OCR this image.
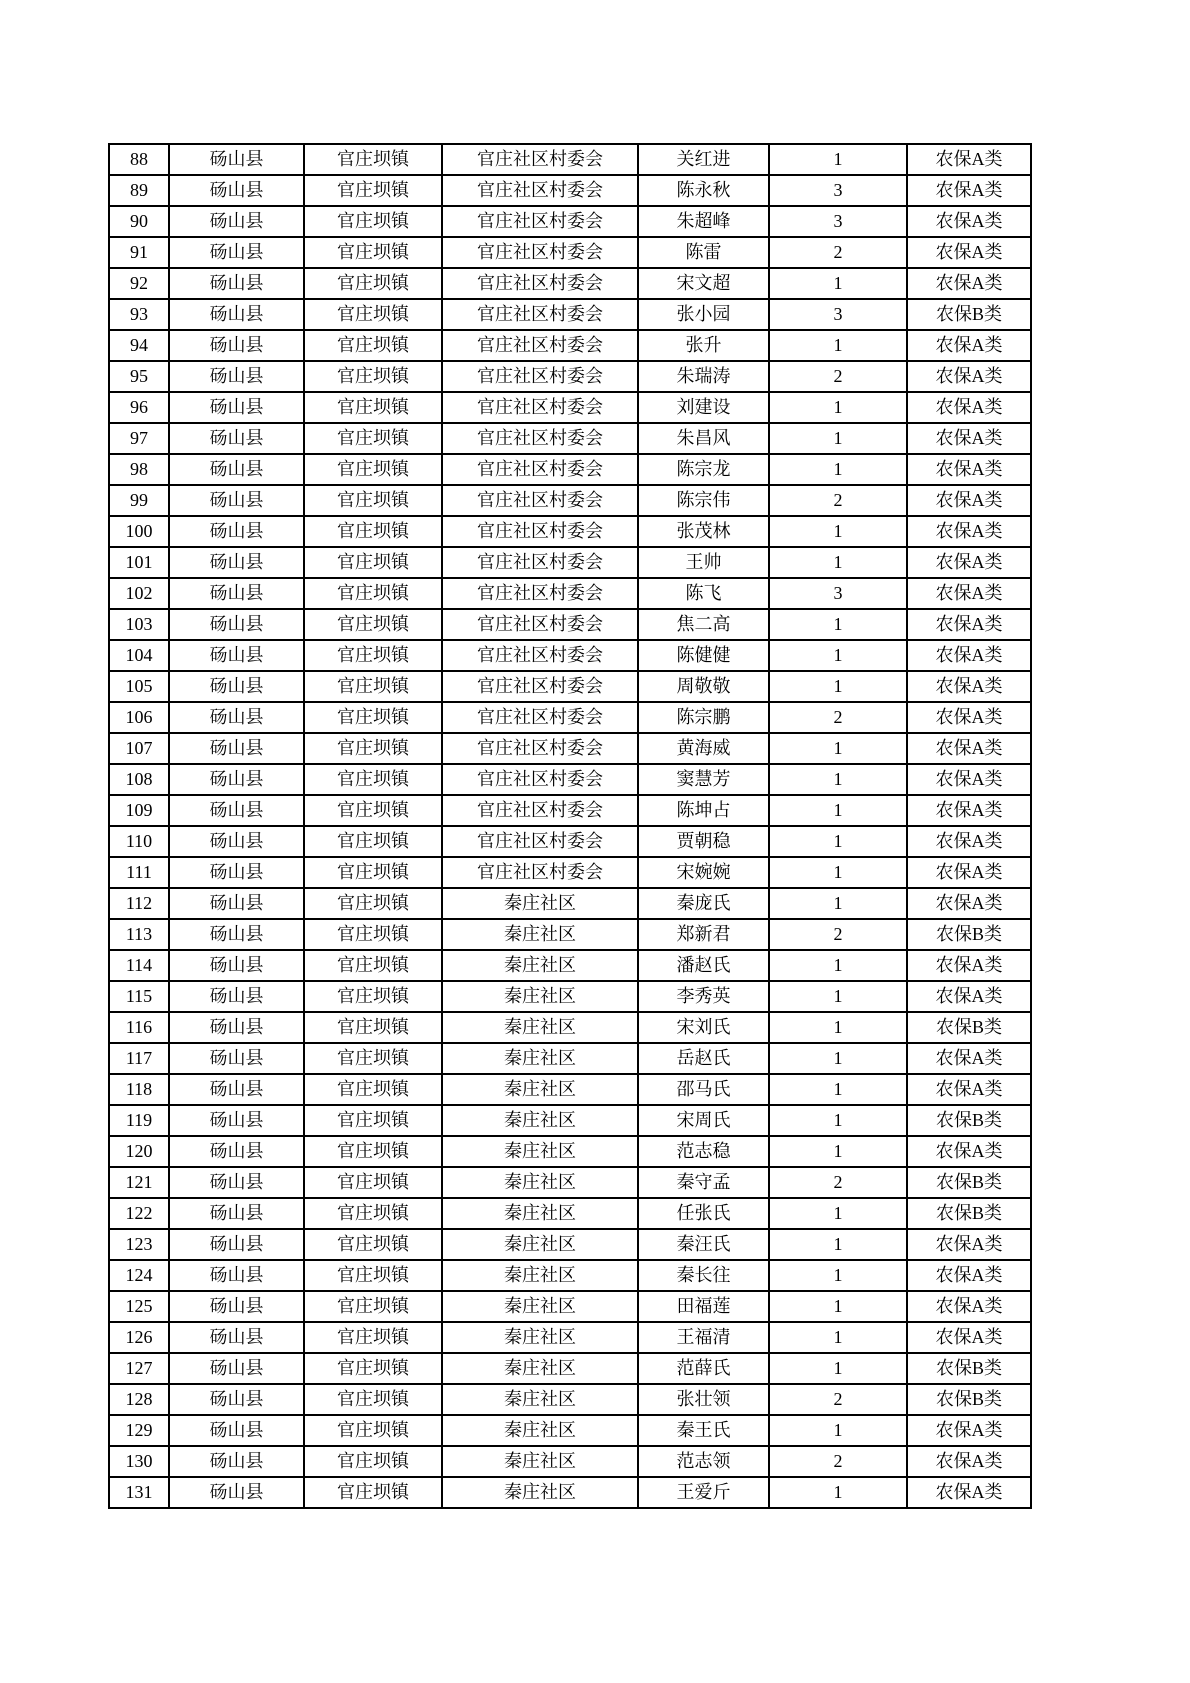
88	砀山县	官庄坝镇	官庄社区村委会	关红进	1	农保A类
89	砀山县	官庄坝镇	官庄社区村委会	陈永秋	3	农保A类
90	砀山县	官庄坝镇	官庄社区村委会	朱超峰	3	农保A类
91	砀山县	官庄坝镇	官庄社区村委会	陈雷	2	农保A类
92	砀山县	官庄坝镇	官庄社区村委会	宋文超	1	农保A类
93	砀山县	官庄坝镇	官庄社区村委会	张小园	3	农保B类
94	砀山县	官庄坝镇	官庄社区村委会	张升	1	农保A类
95	砀山县	官庄坝镇	官庄社区村委会	朱瑞涛	2	农保A类
96	砀山县	官庄坝镇	官庄社区村委会	刘建设	1	农保A类
97	砀山县	官庄坝镇	官庄社区村委会	朱昌风	1	农保A类
98	砀山县	官庄坝镇	官庄社区村委会	陈宗龙	1	农保A类
99	砀山县	官庄坝镇	官庄社区村委会	陈宗伟	2	农保A类
100	砀山县	官庄坝镇	官庄社区村委会	张茂林	1	农保A类
101	砀山县	官庄坝镇	官庄社区村委会	王帅	1	农保A类
102	砀山县	官庄坝镇	官庄社区村委会	陈飞	3	农保A类
103	砀山县	官庄坝镇	官庄社区村委会	焦二高	1	农保A类
104	砀山县	官庄坝镇	官庄社区村委会	陈健健	1	农保A类
105	砀山县	官庄坝镇	官庄社区村委会	周敬敬	1	农保A类
106	砀山县	官庄坝镇	官庄社区村委会	陈宗鹏	2	农保A类
107	砀山县	官庄坝镇	官庄社区村委会	黄海威	1	农保A类
108	砀山县	官庄坝镇	官庄社区村委会	窦慧芳	1	农保A类
109	砀山县	官庄坝镇	官庄社区村委会	陈坤占	1	农保A类
110	砀山县	官庄坝镇	官庄社区村委会	贾朝稳	1	农保A类
111	砀山县	官庄坝镇	官庄社区村委会	宋婉婉	1	农保A类
112	砀山县	官庄坝镇	秦庄社区	秦庞氏	1	农保A类
113	砀山县	官庄坝镇	秦庄社区	郑新君	2	农保B类
114	砀山县	官庄坝镇	秦庄社区	潘赵氏	1	农保A类
115	砀山县	官庄坝镇	秦庄社区	李秀英	1	农保A类
116	砀山县	官庄坝镇	秦庄社区	宋刘氏	1	农保B类
117	砀山县	官庄坝镇	秦庄社区	岳赵氏	1	农保A类
118	砀山县	官庄坝镇	秦庄社区	邵马氏	1	农保A类
119	砀山县	官庄坝镇	秦庄社区	宋周氏	1	农保B类
120	砀山县	官庄坝镇	秦庄社区	范志稳	1	农保A类
121	砀山县	官庄坝镇	秦庄社区	秦守孟	2	农保B类
122	砀山县	官庄坝镇	秦庄社区	任张氏	1	农保B类
123	砀山县	官庄坝镇	秦庄社区	秦汪氏	1	农保A类
124	砀山县	官庄坝镇	秦庄社区	秦长往	1	农保A类
125	砀山县	官庄坝镇	秦庄社区	田福莲	1	农保A类
126	砀山县	官庄坝镇	秦庄社区	王福清	1	农保A类
127	砀山县	官庄坝镇	秦庄社区	范薛氏	1	农保B类
128	砀山县	官庄坝镇	秦庄社区	张壮领	2	农保B类
129	砀山县	官庄坝镇	秦庄社区	秦王氏	1	农保A类
130	砀山县	官庄坝镇	秦庄社区	范志领	2	农保A类
131	砀山县	官庄坝镇	秦庄社区	王爱斤	1	农保A类
